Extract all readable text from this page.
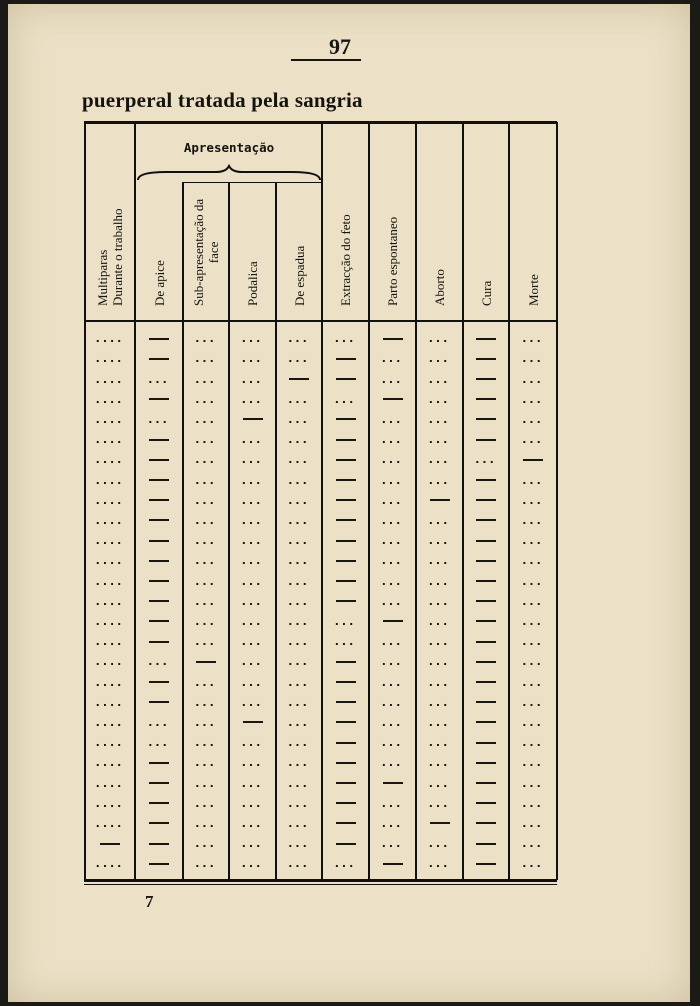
97
puerperal tratada pela sangria
7
Apresentação
Multiparas Durante o trabalho De apice Sub-apresentação da face
Podalica De espadua Extracção do feto Parto espontaneo Aborto Cura Morte
....
....
....
....
....
....
....
....
....
....
....
....
....
....
....
....
....
....
....
....
....
....
....
....
....
....
...
...
...
...
...
...
...
...
...
...
...
...
...
...
...
...
...
...
...
...
...
...
...
...
...
...
...
...
...
...
...
...
...
...
...
...
...
...
...
...
...
...
...
...
...
...
...
...
...
...
...
...
...
...
...
...
...
...
...
...
...
...
...
...
...
...
...
...
...
...
...
...
...
...
...
...
...
...
...
...
...
...
...
...
...
...
...
...
...
...
...
...
...
...
...
...
...
...
...
...
...
...
...
...
...
...
...
...
...
...
...
...
...
...
...
...
...
...
...
...
...
...
...
...
...
...
...
...
...
...
...
...
...
...
...
...
...
...
...
...
...
...
...
...
...
...
...
...
...
...
...
...
...
...
...
...
...
...
...
...
...
